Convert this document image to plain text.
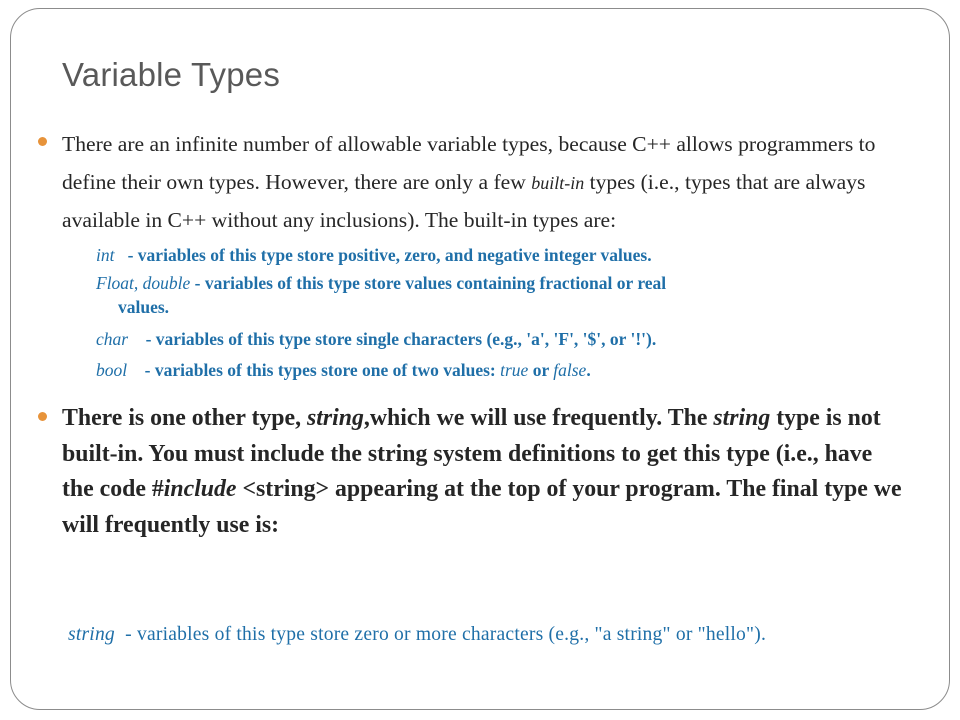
Variable Types
There are an infinite number of allowable variable types, because C++ allows programmers to define their own types. However, there are only a few built-in types (i.e., types that are always available in C++ without any inclusions). The built-in types are:
int - variables of this type store positive, zero, and negative integer values.
Float, double - variables of this type store values containing fractional or real
values.
char - variables of this type store single characters (e.g., 'a', 'F', '$', or '!').
bool - variables of this types store one of two values: true or false.
There is one other type, string,which we will use frequently. The string type is not built-in. You must include the string system definitions to get this type (i.e., have the code #include <string> appearing at the top of your program. The final type we will frequently use is:
string - variables of this type store zero or more characters (e.g., "a string" or "hello").
